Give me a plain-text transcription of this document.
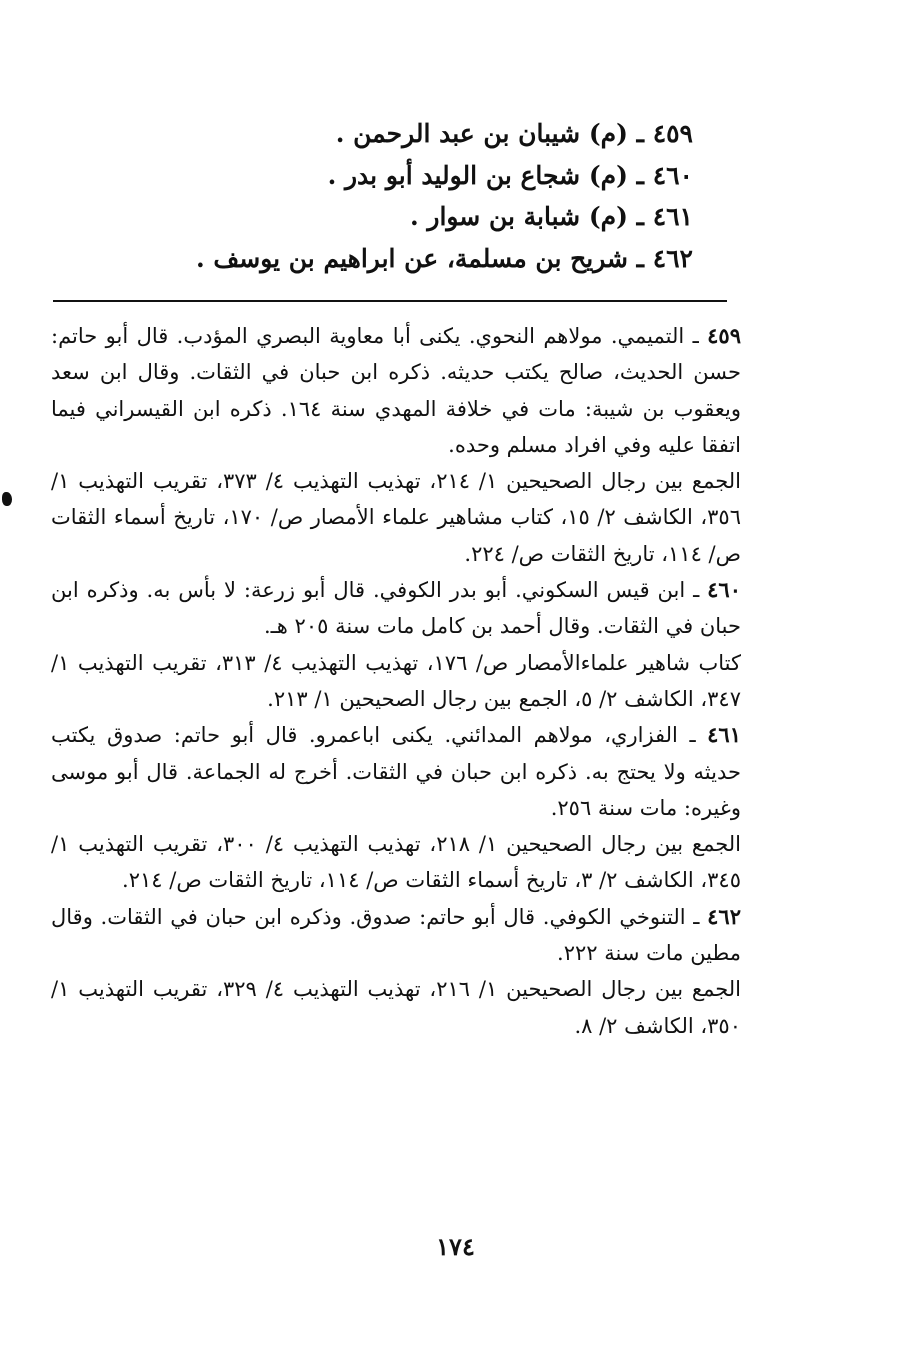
٤٥٩ ـ (م) شيبان بن عبد الرحمن .
٤٦٠ ـ (م) شجاع بن الوليد أبو بدر .
٤٦١ ـ (م) شبابة بن سوار .
٤٦٢ ـ شريح بن مسلمة، عن ابراهيم بن يوسف .
٤٥٩ ـ التميمي. مولاهم النحوي. يكنى أبا معاوية البصري المؤدب. قال أبو حاتم: حسن الحديث، صالح يكتب حديثه. ذكره ابن حبان في الثقات. وقال ابن سعد ويعقوب بن شيبة: مات في خلافة المهدي سنة ١٦٤. ذكره ابن القيسراني فيما اتفقا عليه وفي افراد مسلم وحده.
الجمع بين رجال الصحيحين ١/ ٢١٤، تهذيب التهذيب ٤/ ٣٧٣، تقريب التهذيب ١/ ٣٥٦، الكاشف ٢/ ١٥، كتاب مشاهير علماء الأمصار ص/ ١٧٠، تاريخ أسماء الثقات ص/ ١١٤، تاريخ الثقات ص/ ٢٢٤.
٤٦٠ ـ ابن قيس السكوني. أبو بدر الكوفي. قال أبو زرعة: لا بأس به. وذكره ابن حبان في الثقات. وقال أحمد بن كامل مات سنة ٢٠٥ هـ.
كتاب شاهير علماءالأمصار ص/ ١٧٦، تهذيب التهذيب ٤/ ٣١٣، تقريب التهذيب ١/ ٣٤٧، الكاشف ٢/ ٥، الجمع بين رجال الصحيحين ١/ ٢١٣.
٤٦١ ـ الفزاري، مولاهم المدائني. يكنى اباعمرو. قال أبو حاتم: صدوق يكتب حديثه ولا يحتج به. ذكره ابن حبان في الثقات. أخرج له الجماعة. قال أبو موسى وغيره: مات سنة ٢٥٦.
الجمع بين رجال الصحيحين ١/ ٢١٨، تهذيب التهذيب ٤/ ٣٠٠، تقريب التهذيب ١/ ٣٤٥، الكاشف ٢/ ٣، تاريخ أسماء الثقات ص/ ١١٤، تاريخ الثقات ص/ ٢١٤.
٤٦٢ ـ التنوخي الكوفي. قال أبو حاتم: صدوق. وذكره ابن حبان في الثقات. وقال مطين مات سنة ٢٢٢.
الجمع بين رجال الصحيحين ١/ ٢١٦، تهذيب التهذيب ٤/ ٣٢٩، تقريب التهذيب ١/ ٣٥٠، الكاشف ٢/ ٨.
١٧٤
